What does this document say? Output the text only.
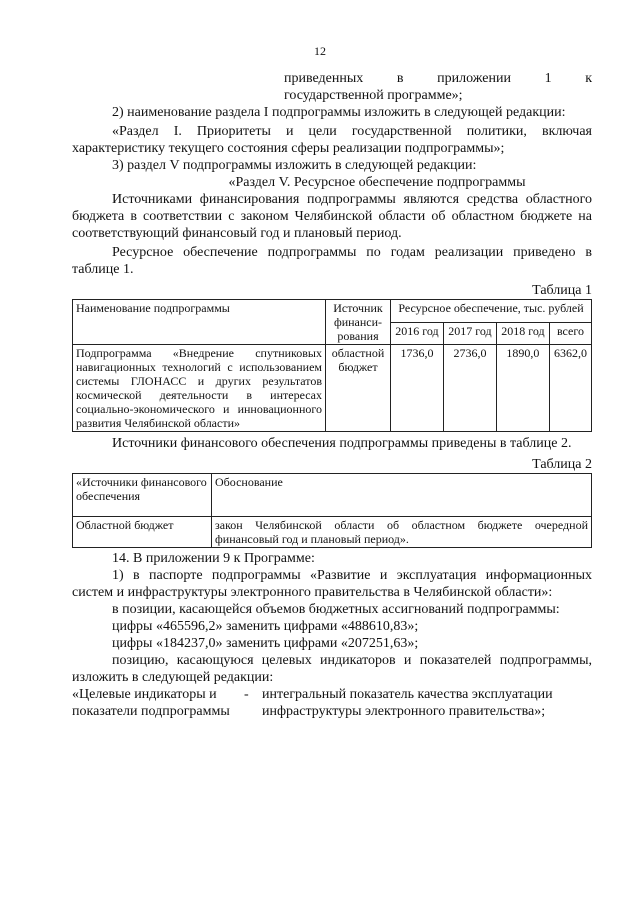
12

приведенных в приложении 1 к

государственной программе»;

2) наименование раздела I подпрограммы изложить в следующей редакции:

«Раздел I. Приоритеты и цели государственной политики, включая характеристику текущего состояния сферы реализации подпрограммы»;

3) раздел V подпрограммы изложить в следующей редакции:

«Раздел V. Ресурсное обеспечение подпрограммы

Источниками финансирования подпрограммы являются средства областного бюджета в соответствии с законом Челябинской области об областном бюджете на соответствующий финансовый год и плановый период.

Ресурсное обеспечение подпрограммы по годам реализации приведено в таблице 1.

Таблица 1

Наименование подпрограммы	Источник финанси-рования	Ресурсное обеспечение, тыс. рублей			
		2016 год	2017 год	2018 год	всего
Подпрограмма «Внедрение спутниковых навигационных технологий с использованием системы ГЛОНАСС и других результатов космической деятельности в интересах социально-экономического и инновационного развития Челябинской области»	областной бюджет	1736,0	2736,0	1890,0	6362,0

Источники финансового обеспечения подпрограммы приведены в таблице 2.

Таблица 2

«Источники финансового обеспечения	Обоснование
Областной бюджет	закон Челябинской области об областном бюджете очередной финансовый год и плановый период».

14. В приложении 9 к Программе:

1) в паспорте подпрограммы «Развитие и эксплуатация информационных систем и инфраструктуры электронного правительства в Челябинской области»:

в позиции, касающейся объемов бюджетных ассигнований подпрограммы:

цифры «465596,2» заменить цифрами «488610,83»;

цифры «184237,0» заменить цифрами «207251,63»;

позицию, касающуюся целевых индикаторов и показателей подпрограммы, изложить в следующей редакции:

«Целевые индикаторы и показатели подпрограммы

- интегральный показатель качества эксплуатации инфраструктуры электронного правительства»;
